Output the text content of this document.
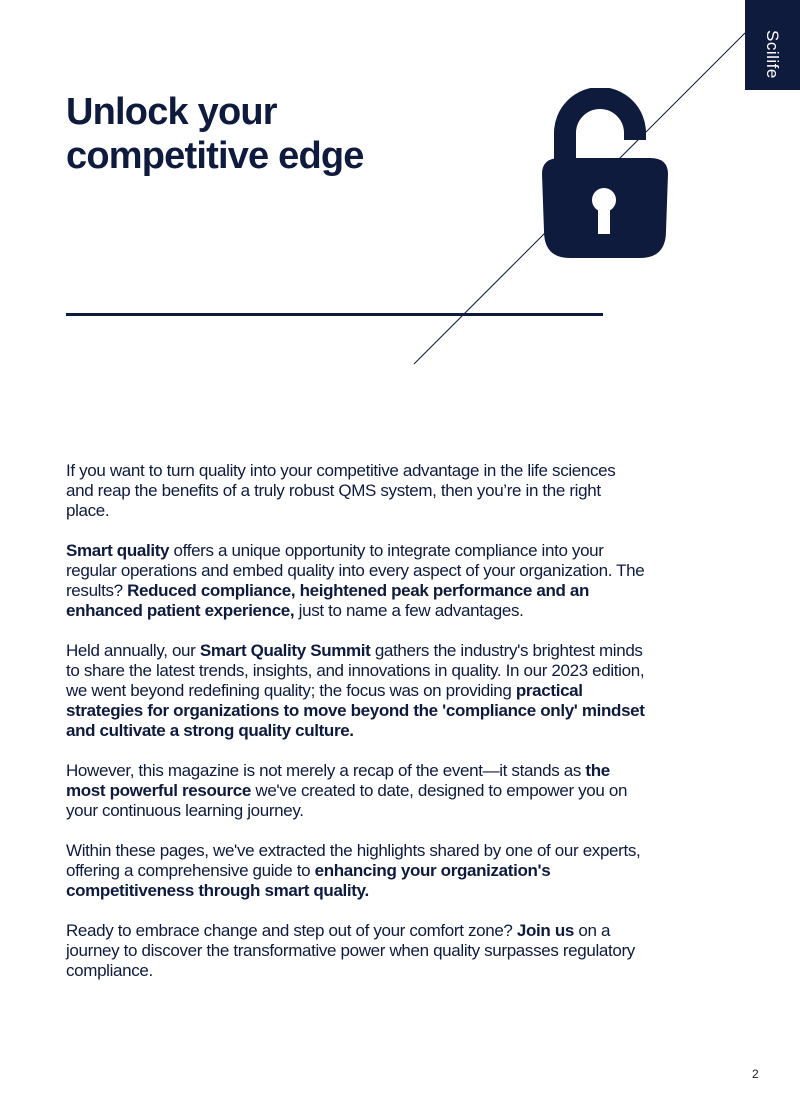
Scilife
Unlock your
competitive edge

If you want to turn quality into your competitive advantage in the life sciences and reap the benefits of a truly robust QMS system, then you’re in the right place.

Smart quality offers a unique opportunity to integrate compliance into your regular operations and embed quality into every aspect of your organization. The results? Reduced compliance, heightened peak performance and an enhanced patient experience, just to name a few advantages.

Held annually, our Smart Quality Summit gathers the industry's brightest minds to share the latest trends, insights, and innovations in quality. In our 2023 edition, we went beyond redefining quality; the focus was on providing practical strategies for organizations to move beyond the 'compliance only' mindset and cultivate a strong quality culture.

However, this magazine is not merely a recap of the event—it stands as the most powerful resource we've created to date, designed to empower you on your continuous learning journey.

Within these pages, we've extracted the highlights shared by one of our experts, offering a comprehensive guide to enhancing your organization's competitiveness through smart quality.

Ready to embrace change and step out of your comfort zone? Join us on a journey to discover the transformative power when quality surpasses regulatory compliance.

2
